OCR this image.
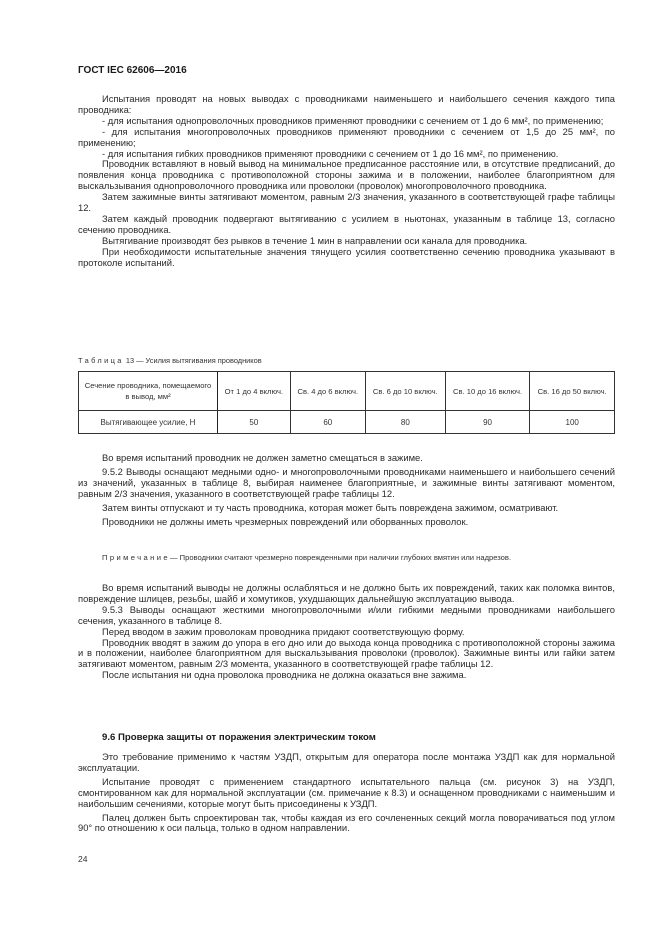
ГОСТ IEC 62606—2016

Испытания проводят на новых выводах с проводниками наименьшего и наибольшего сечения каждого типа проводника:

- для испытания однопроволочных проводников применяют проводники с сечением от 1 до 6 мм², по применению;

- для испытания многопроволочных проводников применяют проводники с сечением от 1,5 до 25 мм², по применению;

- для испытания гибких проводников применяют проводники с сечением от 1 до 16 мм², по применению.

Проводник вставляют в новый вывод на минимальное предписанное расстояние или, в отсутствие предписаний, до появления конца проводника с противоположной стороны зажима и в положении, наиболее благоприятном для выскальзывания однопроволочного проводника или проволоки (проволок) многопроволочного проводника.

Затем зажимные винты затягивают моментом, равным 2/3 значения, указанного в соответствующей графе таблицы 12.

Затем каждый проводник подвергают вытягиванию с усилием в ньютонах, указанным в таблице 13, согласно сечению проводника.

Вытягивание производят без рывков в течение 1 мин в направлении оси канала для проводника.

При необходимости испытательные значения тянущего усилия соответственно сечению проводника указывают в протоколе испытаний.

Таблица 13 — Усилия вытягивания проводников
Сечение проводника, помещаемого в вывод, мм²	От 1 до 4 включ.	Св. 4 до 6 включ.	Св. 6 до 10 включ.	Св. 10 до 16 включ.	Св. 16 до 50 включ.
Вытягивающее усилие, Н	50	60	80	90	100

Во время испытаний проводник не должен заметно смещаться в зажиме.

9.5.2 Выводы оснащают медными одно- и многопроволочными проводниками наименьшего и наибольшего сечений из значений, указанных в таблице 8, выбирая наименее благоприятные, и зажимные винты затягивают моментом, равным 2/3 значения, указанного в соответствующей графе таблицы 12.

Затем винты отпускают и ту часть проводника, которая может быть повреждена зажимом, осматривают.

Проводники не должны иметь чрезмерных повреждений или оборванных проволок.

Примечание— Проводники считают чрезмерно поврежденными при наличии глубоких вмятин или надрезов.

Во время испытаний выводы не должны ослабляться и не должно быть их повреждений, таких как поломка винтов, повреждение шлицев, резьбы, шайб и хомутиков, ухудшающих дальнейшую эксплуатацию вывода.

9.5.3 Выводы оснащают жесткими многопроволочными и/или гибкими медными проводниками наибольшего сечения, указанного в таблице 8.

Перед вводом в зажим проволокам проводника придают соответствующую форму.

Проводник вводят в зажим до упора в его дно или до выхода конца проводника с противоположной стороны зажима и в положении, наиболее благоприятном для выскальзывания проволоки (проволок). Зажимные винты или гайки затем затягивают моментом, равным 2/3 момента, указанного в соответствующей графе таблицы 12.

После испытания ни одна проволока проводника не должна оказаться вне зажима.

9.6 Проверка защиты от поражения электрическим током

Это требование применимо к частям УЗДП, открытым для оператора после монтажа УЗДП как для нормальной эксплуатации.

Испытание проводят с применением стандартного испытательного пальца (см. рисунок 3) на УЗДП, смонтированном как для нормальной эксплуатации (см. примечание к 8.3) и оснащенном проводниками с наименьшим и наибольшим сечениями, которые могут быть присоединены к УЗДП.

Палец должен быть спроектирован так, чтобы каждая из его сочлененных секций могла поворачиваться под углом 90° по отношению к оси пальца, только в одном направлении.

24
